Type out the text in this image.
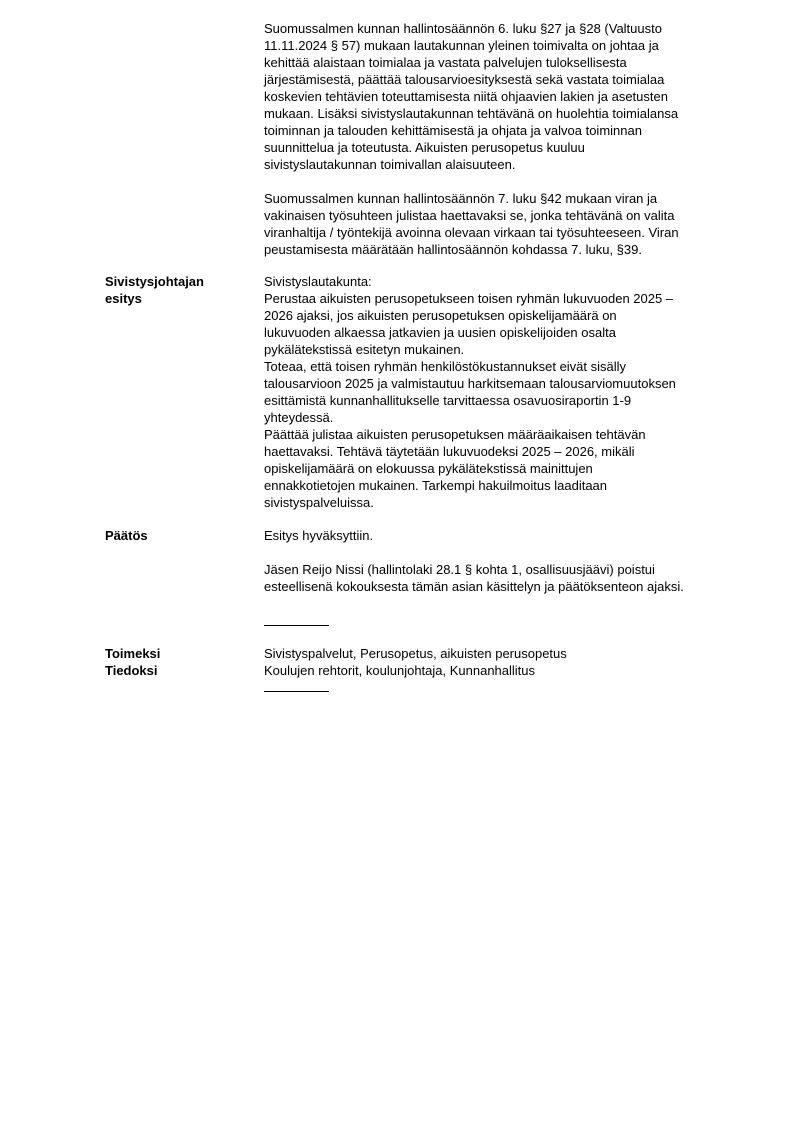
Suomussalmen kunnan hallintosäännön 6. luku §27 ja §28 (Valtuusto
11.11.2024 § 57) mukaan lautakunnan yleinen toimivalta on johtaa ja
kehittää alaistaan toimialaa ja vastata palvelujen tuloksellisesta
järjestämisestä, päättää talousarvioesityksestä sekä vastata toimialaa
koskevien tehtävien toteuttamisesta niitä ohjaavien lakien ja asetusten
mukaan. Lisäksi sivistyslautakunnan tehtävänä on huolehtia toimialansa
toiminnan ja talouden kehittämisestä ja ohjata ja valvoa toiminnan
suunnittelua ja toteutusta. Aikuisten perusopetus kuuluu
sivistyslautakunnan toimivallan alaisuuteen.

Suomussalmen kunnan hallintosäännön 7. luku §42 mukaan viran ja
vakinaisen työsuhteen julistaa haettavaksi se, jonka tehtävänä on valita
viranhaltija / työntekijä avoinna olevaan virkaan tai työsuhteeseen. Viran
peustamisesta määrätään hallintosäännön kohdassa 7. luku, §39.

Sivistysjohtajan
esitys

Sivistyslautakunta:
Perustaa aikuisten perusopetukseen toisen ryhmän lukuvuoden 2025 –
2026 ajaksi, jos aikuisten perusopetuksen opiskelijamäärä on
lukuvuoden alkaessa jatkavien ja uusien opiskelijoiden osalta
pykälätekstissä esitetyn mukainen.
Toteaa, että toisen ryhmän henkilöstökustannukset eivät sisälly
talousarvioon 2025 ja valmistautuu harkitsemaan talousarviomuutoksen
esittämistä kunnanhallitukselle tarvittaessa osavuosiraportin 1-9
yhteydessä.
Päättää julistaa aikuisten perusopetuksen määräaikaisen tehtävän
haettavaksi. Tehtävä täytetään lukuvuodeksi 2025 – 2026, mikäli
opiskelijamäärä on elokuussa pykälätekstissä mainittujen
ennakkotietojen mukainen. Tarkempi hakuilmoitus laaditaan
sivistyspalveluissa.

Päätös	Esitys hyväksyttiin.

Jäsen Reijo Nissi (hallintolaki 28.1 § kohta 1, osallisuusjäävi) poistui
esteellisenä kokouksesta tämän asian käsittelyn ja päätöksenteon ajaksi.

Toimeksi
Tiedoksi
Sivistyspalvelut, Perusopetus, aikuisten perusopetus
Koulujen rehtorit, koulunjohtaja, Kunnanhallitus
